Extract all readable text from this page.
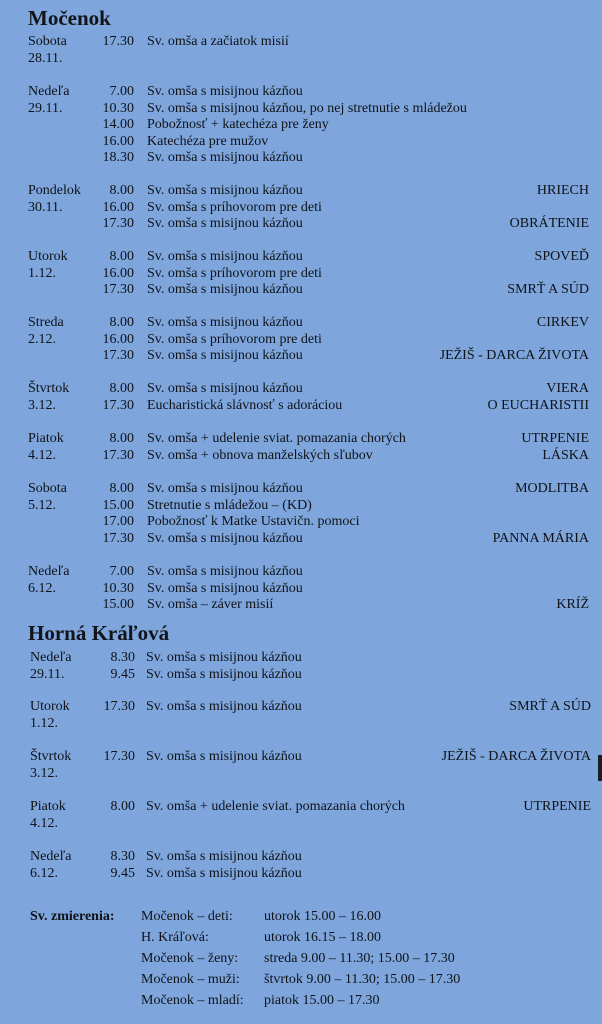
Močenok
Sobota	17.30 Sv. omša a začiatok misií
28.11.
Nedeľa	7.00 Sv. omša s misijnou kázňou
29.11.	10.30 Sv. omša s misijnou kázňou, po nej stretnutie s mládežou
14.00 Pobožnosť + katechéza pre ženy
16.00 Katechéza pre mužov
18.30 Sv. omša s misijnou kázňou
Pondelok 8.00 Sv. omša s misijnou kázňou	HRIECH
30.11.	16.00 Sv. omša s príhovorom pre deti
17.30 Sv. omša s misijnou kázňou	OBRÁTENIE
Utorok	8.00 Sv. omša s misijnou kázňou	SPOVEĎ
1.12.	16.00 Sv. omša s príhovorom pre deti
17.30 Sv. omša s misijnou kázňou	SMRŤ A SÚD
Streda	8.00 Sv. omša s misijnou kázňou	CIRKEV
2.12.	16.00 Sv. omša s príhovorom pre deti
17.30 Sv. omša s misijnou kázňou	JEŽIŠ - DARCA ŽIVOTA
Štvrtok	8.00 Sv. omša s misijnou kázňou	VIERA
3.12.	17.30 Eucharistická slávnosť s adoráciou	O EUCHARISTII
Piatok	8.00 Sv. omša + udelenie sviat. pomazania chorých	UTRPENIE
4.12.	17.30 Sv. omša + obnova manželských sľubov	LÁSKA
Sobota	8.00 Sv. omša s misijnou kázňou	MODLITBA
5.12.	15.00 Stretnutie s mládežou – (KD)
17.00 Pobožnosť k Matke Ustavičn. pomoci
17.30 Sv. omša s misijnou kázňou	PANNA MÁRIA
Nedeľa	7.00 Sv. omša s misijnou kázňou
6.12.	10.30 Sv. omša s misijnou kázňou
15.00 Sv. omša – záver misií	KRÍŽ
Horná Kráľová
Nedeľa	8.30 Sv. omša s misijnou kázňou
29.11.	9.45 Sv. omša s misijnou kázňou
Utorok 17.30 Sv. omša s misijnou kázňou	SMRŤ A SÚD
1.12.
Štvrtok 17.30 Sv. omša s misijnou kázňou	JEŽIŠ - DARCA ŽIVOTA
3.12.
Piatok	8.00 Sv. omša + udelenie sviat. pomazania chorých	UTRPENIE
4.12.
Nedeľa	8.30 Sv. omša s misijnou kázňou
6.12.	9.45 Sv. omša s misijnou kázňou
Sv. zmierenia: Močenok – deti: utorok 15.00 – 16.00
H. Kráľová:	utorok 16.15 – 18.00
Močenok – ženy: streda 9.00 – 11.30; 15.00 – 17.30
Močenok – muži: štvrtok 9.00 – 11.30; 15.00 – 17.30
Močenok – mladí: piatok 15.00 – 17.30
